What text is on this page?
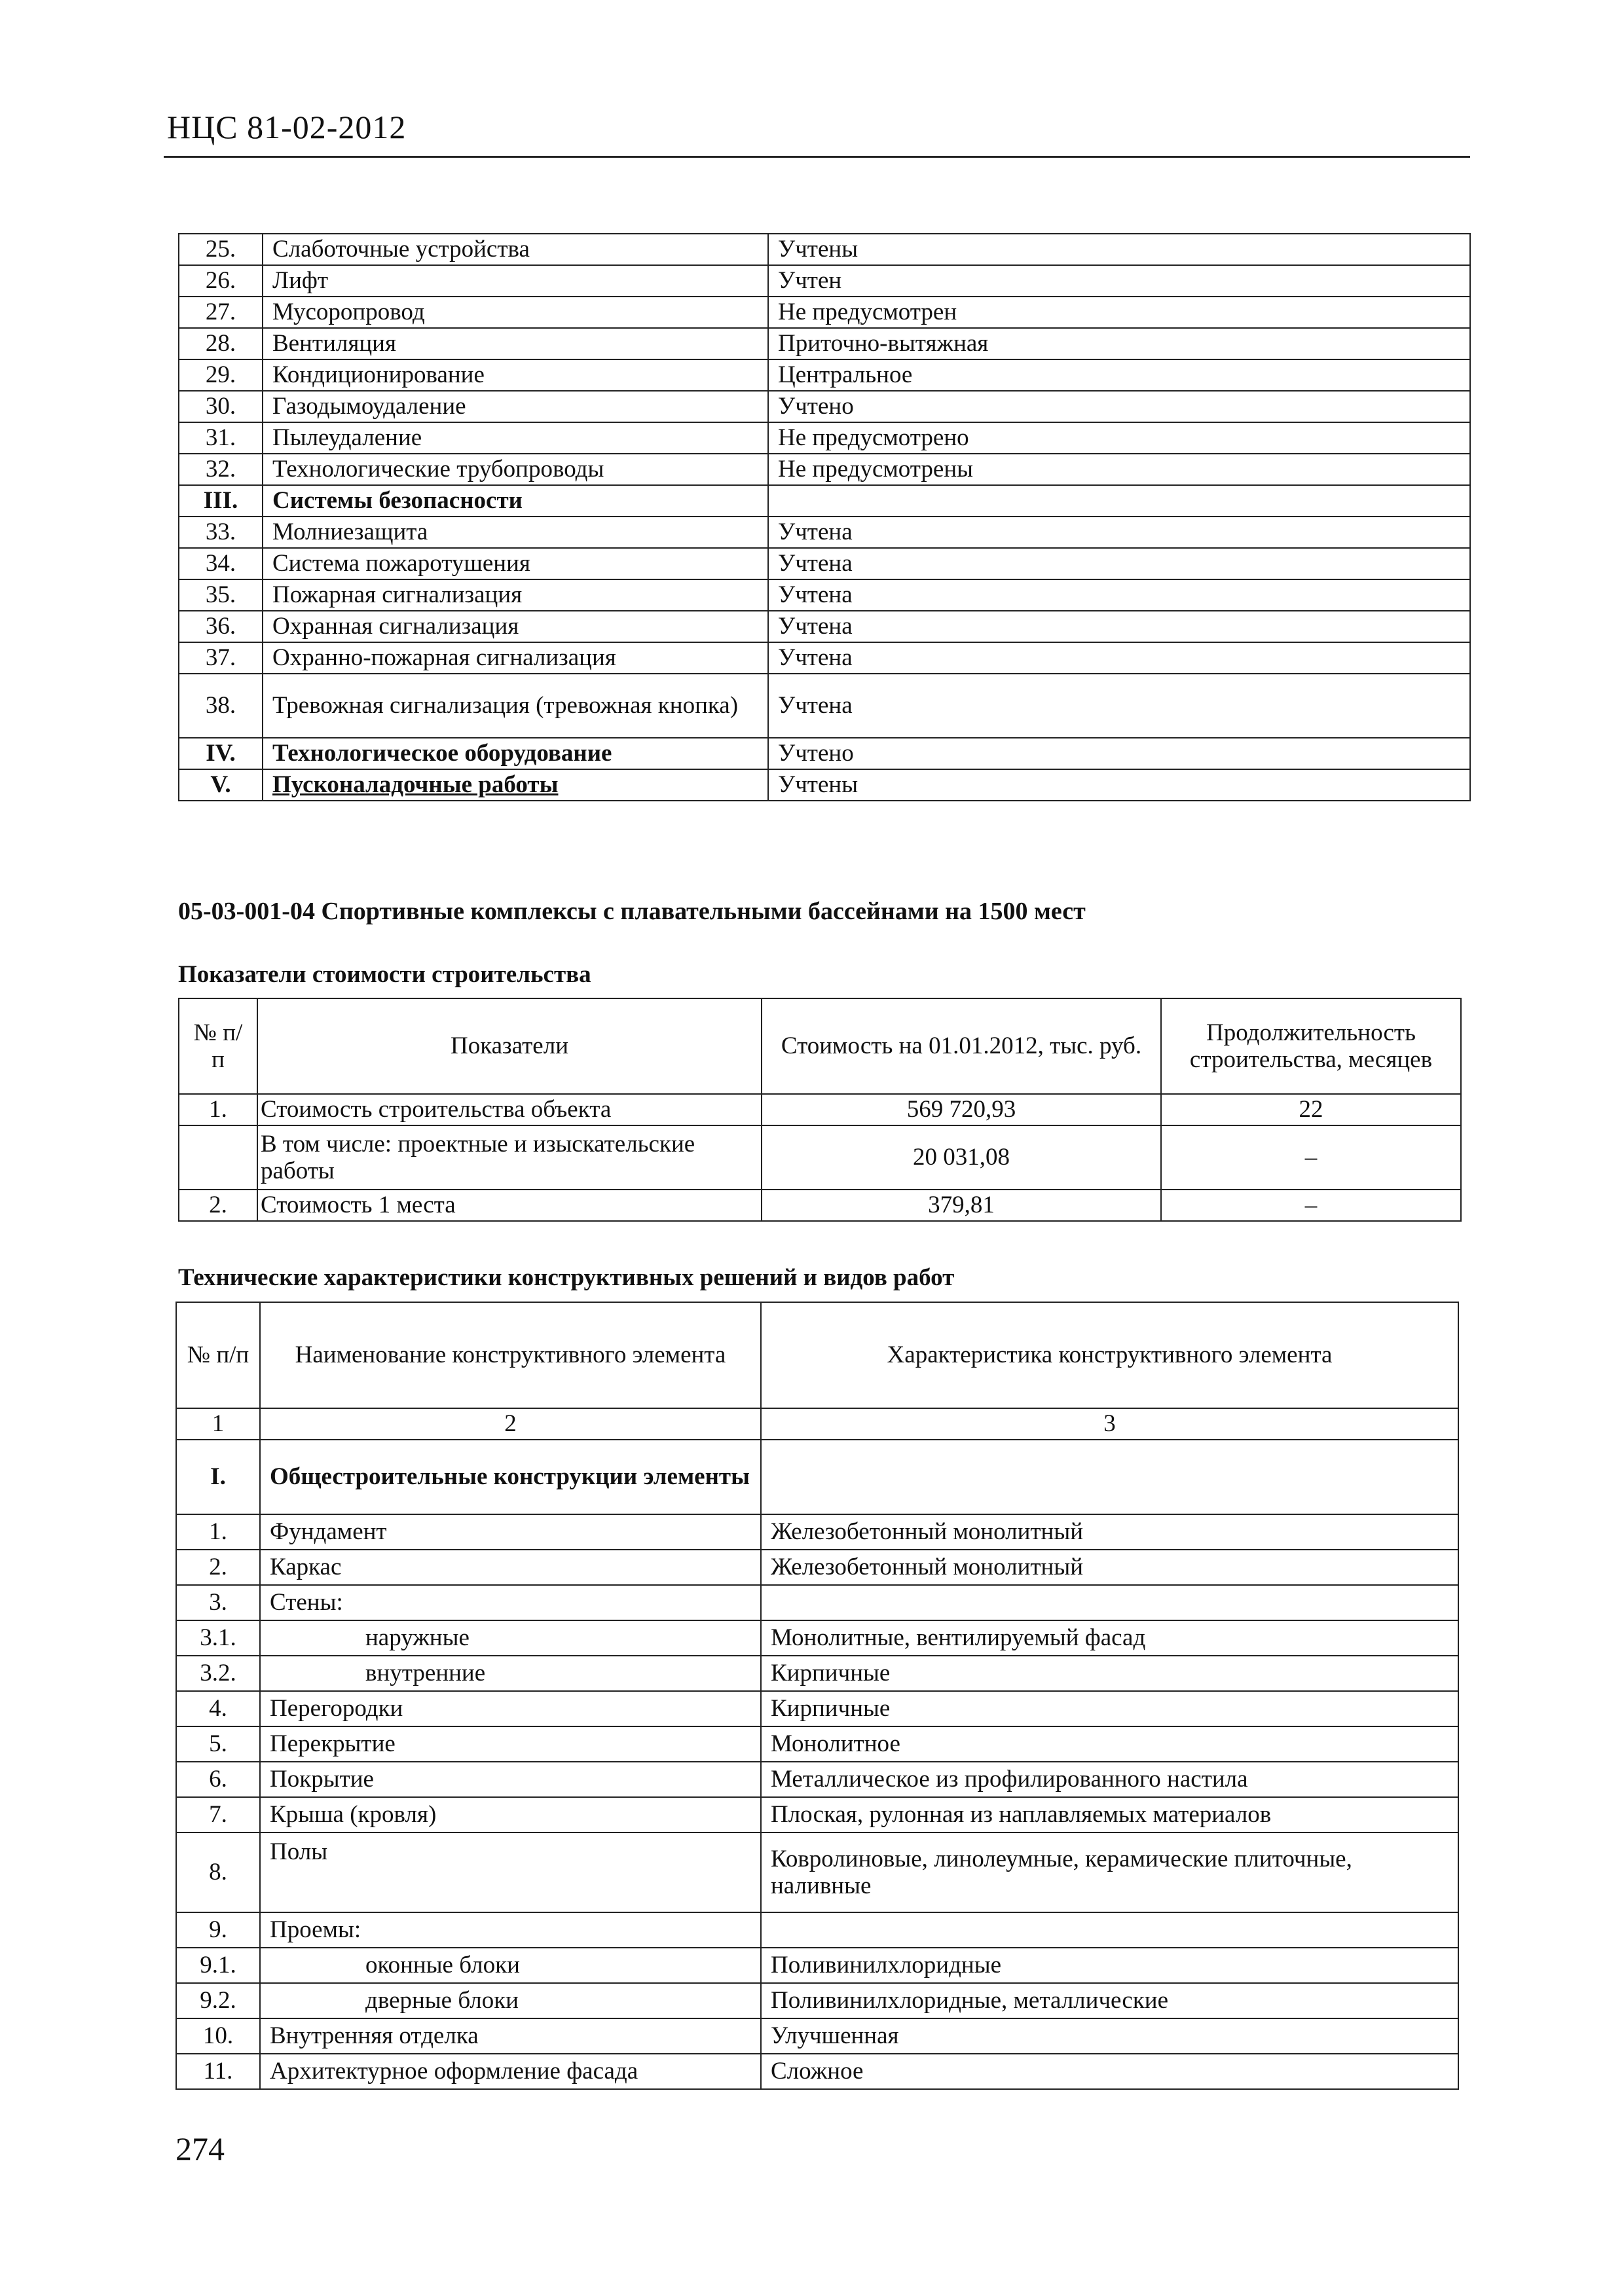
НЦС 81-02-2012
25.	Слаботочные устройства	Учтены
26.	Лифт	Учтен
27.	Мусоропровод	Не предусмотрен
28.	Вентиляция	Приточно-вытяжная
29.	Кондиционирование	Центральное
30.	Газодымоудаление	Учтено
31.	Пылеудаление	Не предусмотрено
32.	Технологические трубопроводы	Не предусмотрены
III.	Системы безопасности	
33.	Молниезащита	Учтена
34.	Система пожаротушения	Учтена
35.	Пожарная сигнализация	Учтена
36.	Охранная сигнализация	Учтена
37.	Охранно-пожарная сигнализация	Учтена
38.	Тревожная сигнализация (тревожная кнопка)	Учтена
IV.	Технологическое оборудование	Учтено
V.	Пусконаладочные работы	Учтены
05-03-001-04 Спортивные комплексы с плавательными бассейнами на 1500 мест
Показатели стоимости строительства
№ п/п	Показатели	Стоимость на 01.01.2012, тыс. руб.	Продолжительность строительства, месяцев
1.	Стоимость строительства объекта	569 720,93	22
	В том числе: проектные и изыскательские работы	20 031,08	–
2.	Стоимость 1 места	379,81	–
Технические характеристики конструктивных решений и видов работ
№ п/п	Наименование конструктивного элемента	Характеристика конструктивного элемента
1	2	3
I.	Общестроительные конструкции элементы	
1.	Фундамент	Железобетонный монолитный
2.	Каркас	Железобетонный монолитный
3.	Стены:	
3.1.	наружные	Монолитные, вентилируемый фасад
3.2.	внутренние	Кирпичные
4.	Перегородки	Кирпичные
5.	Перекрытие	Монолитное
6.	Покрытие	Металлическое из профилированного настила
7.	Крыша (кровля)	Плоская, рулонная из наплавляемых материалов
8.	Полы	Ковролиновые, линолеумные, керамические плиточные, наливные
9.	Проемы:	
9.1.	оконные блоки	Поливинилхлоридные
9.2.	дверные блоки	Поливинилхлоридные, металлические
10.	Внутренняя отделка	Улучшенная
11.	Архитектурное оформление фасада	Сложное
274
